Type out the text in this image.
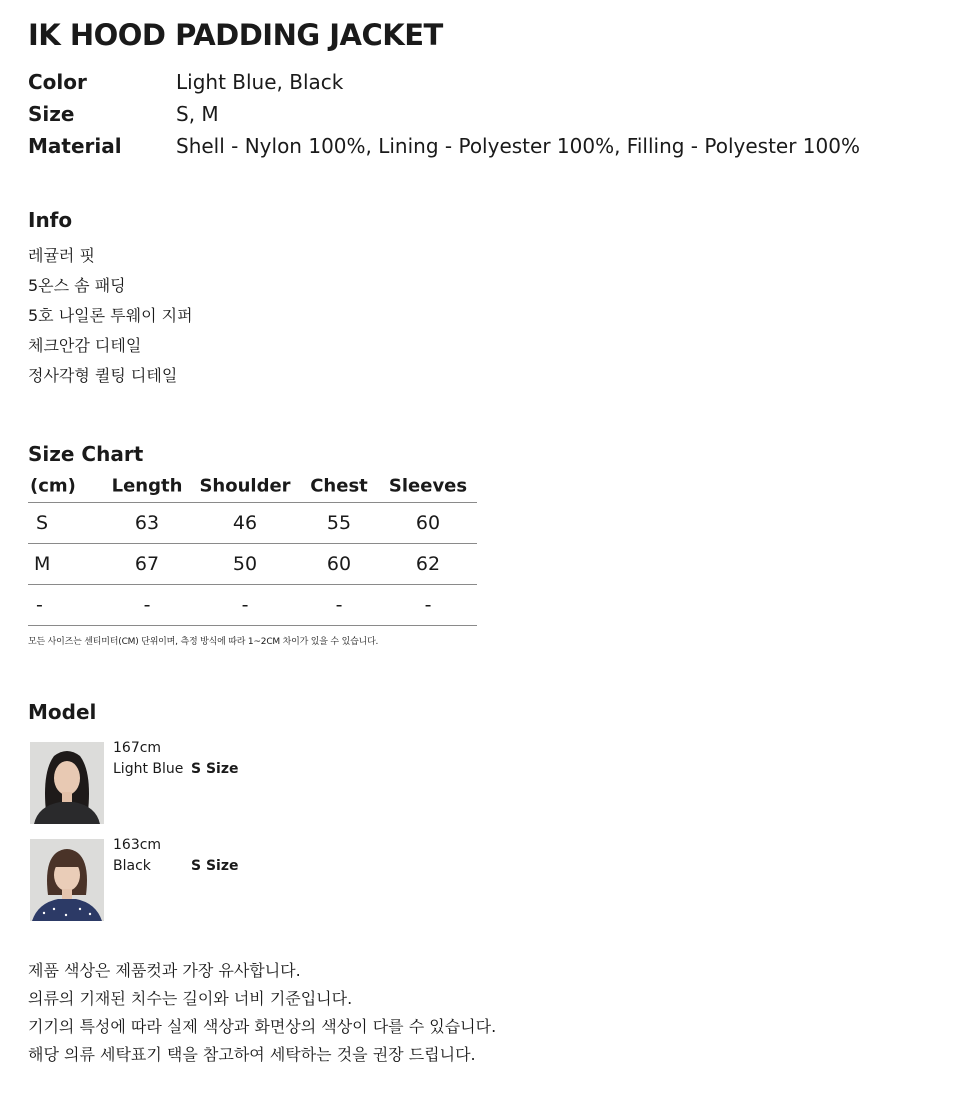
IK HOOD PADDING JACKET
Color	Light Blue, Black
Size	S, M
Material	Shell - Nylon 100%, Lining - Polyester 100%, Filling - Polyester 100%
Info
레귤러 핏
5온스 솜 패딩
5호 나일론 투웨이 지퍼
체크안감 디테일
정사각형 퀼팅 디테일
Size Chart
(cm) Length Shoulder Chest Sleeves
S	63	46	55	60
M	67	50	60	62
-	-	-	-	-
모든 사이즈는 센티미터(CM) 단위이며, 측정 방식에 따라 1~2CM 차이가 있을 수 있습니다.
Model
167cm
Light Blue S Size
163cm
Black	S Size
제품 색상은 제품컷과 가장 유사합니다.
의류의 기재된 치수는 길이와 너비 기준입니다.
기기의 특성에 따라 실제 색상과 화면상의 색상이 다를 수 있습니다.
해당 의류 세탁표기 택을 참고하여 세탁하는 것을 권장 드립니다.
